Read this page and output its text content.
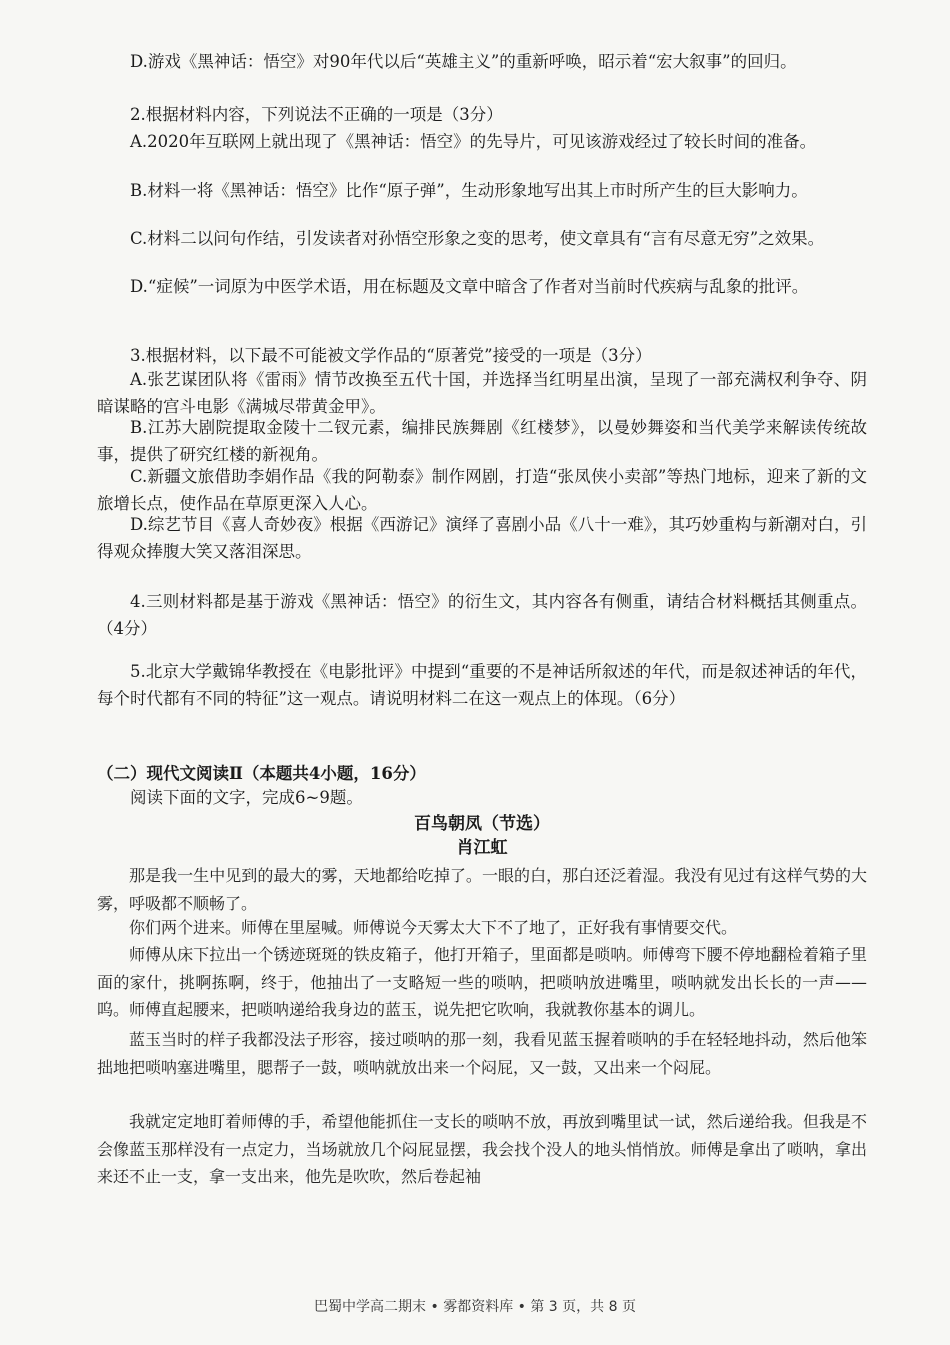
D.游戏《黑神话：悟空》对90年代以后“英雄主义”的重新呼唤，昭示着“宏大叙事”的回归。

2.根据材料内容，下列说法不正确的一项是（3分）

A.2020年互联网上就出现了《黑神话：悟空》的先导片，可见该游戏经过了较长时间的准备。

B.材料一将《黑神话：悟空》比作“原子弹”，生动形象地写出其上市时所产生的巨大影响力。

C.材料二以问句作结，引发读者对孙悟空形象之变的思考，使文章具有“言有尽意无穷”之效果。

D.“症候”一词原为中医学术语，用在标题及文章中暗含了作者对当前时代疾病与乱象的批评。

3.根据材料，以下最不可能被文学作品的“原著党”接受的一项是（3分）

A.张艺谋团队将《雷雨》情节改换至五代十国，并选择当红明星出演，呈现了一部充满权利争夺、阴暗谋略的宫斗电影《满城尽带黄金甲》。

B.江苏大剧院提取金陵十二钗元素，编排民族舞剧《红楼梦》，以曼妙舞姿和当代美学来解读传统故事，提供了研究红楼的新视角。

C.新疆文旅借助李娟作品《我的阿勒泰》制作网剧，打造“张凤侠小卖部”等热门地标，迎来了新的文旅增长点，使作品在草原更深入人心。

D.综艺节目《喜人奇妙夜》根据《西游记》演绎了喜剧小品《八十一难》，其巧妙重构与新潮对白，引得观众捧腹大笑又落泪深思。

4.三则材料都是基于游戏《黑神话：悟空》的衍生文，其内容各有侧重，请结合材料概括其侧重点。（4分）

5.北京大学戴锦华教授在《电影批评》中提到“重要的不是神话所叙述的年代，而是叙述神话的年代，每个时代都有不同的特征”这一观点。请说明材料二在这一观点上的体现。（6分）

（二）现代文阅读Ⅱ（本题共4小题，16分）

阅读下面的文字，完成6~9题。

百鸟朝凤（节选）

肖江虹

那是我一生中见到的最大的雾，天地都给吃掉了。一眼的白，那白还泛着湿。我没有见过有这样气势的大雾，呼吸都不顺畅了。

你们两个进来。师傅在里屋喊。师傅说今天雾太大下不了地了，正好我有事情要交代。

师傅从床下拉出一个锈迹斑斑的铁皮箱子，他打开箱子，里面都是唢呐。师傅弯下腰不停地翻检着箱子里面的家什，挑啊拣啊，终于，他抽出了一支略短一些的唢呐，把唢呐放进嘴里，唢呐就发出长长的一声——呜。师傅直起腰来，把唢呐递给我身边的蓝玉，说先把它吹响，我就教你基本的调儿。

蓝玉当时的样子我都没法子形容，接过唢呐的那一刻，我看见蓝玉握着唢呐的手在轻轻地抖动，然后他笨拙地把唢呐塞进嘴里，腮帮子一鼓，唢呐就放出来一个闷屁，又一鼓，又出来一个闷屁。

我就定定地盯着师傅的手，希望他能抓住一支长的唢呐不放，再放到嘴里试一试，然后递给我。但我是不会像蓝玉那样没有一点定力，当场就放几个闷屁显摆，我会找个没人的地头悄悄放。师傅是拿出了唢呐，拿出来还不止一支，拿一支出来，他先是吹吹，然后卷起袖

巴蜀中学高二期末 • 雾都资料库 • 第 3 页，共 8 页
